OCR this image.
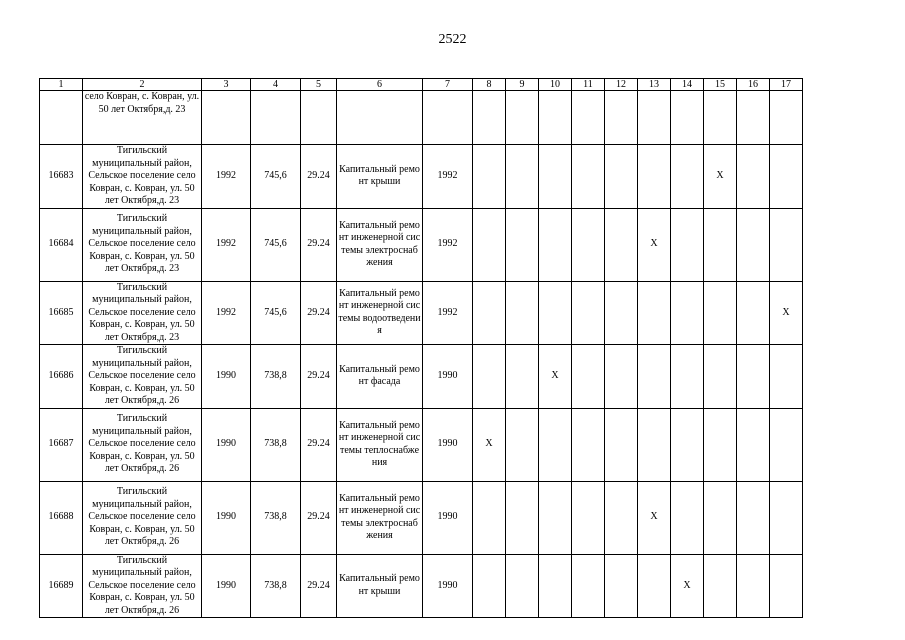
2522
1	2	3	4	5	6	7	8	9	10	11	12	13	14	15	16	17
	село Ковран, с. Ковран, ул. 50 лет Октября,д. 23															
16683	Тигильский муниципальный район, Сельское поселение село Ковран, с. Ковран, ул. 50 лет Октября,д. 23	1992	745,6	29.24	Капитальный ремонт крыши	1992								X		
16684	Тигильский муниципальный район, Сельское поселение село Ковран, с. Ковран, ул. 50 лет Октября,д. 23	1992	745,6	29.24	Капитальный ремонт инженерной системы электроснабжения	1992						X				
16685	Тигильский муниципальный район, Сельское поселение село Ковран, с. Ковран, ул. 50 лет Октября,д. 23	1992	745,6	29.24	Капитальный ремонт инженерной системы водоотведения	1992										X
16686	Тигильский муниципальный район, Сельское поселение село Ковран, с. Ковран, ул. 50 лет Октября,д. 26	1990	738,8	29.24	Капитальный ремонт фасада	1990			X							
16687	Тигильский муниципальный район, Сельское поселение село Ковран, с. Ковран, ул. 50 лет Октября,д. 26	1990	738,8	29.24	Капитальный ремонт инженерной системы теплоснабжения	1990	X									
16688	Тигильский муниципальный район, Сельское поселение село Ковран, с. Ковран, ул. 50 лет Октября,д. 26	1990	738,8	29.24	Капитальный ремонт инженерной системы электроснабжения	1990						X				
16689	Тигильский муниципальный район, Сельское поселение село Ковран, с. Ковран, ул. 50 лет Октября,д. 26	1990	738,8	29.24	Капитальный ремонт крыши	1990							X			
